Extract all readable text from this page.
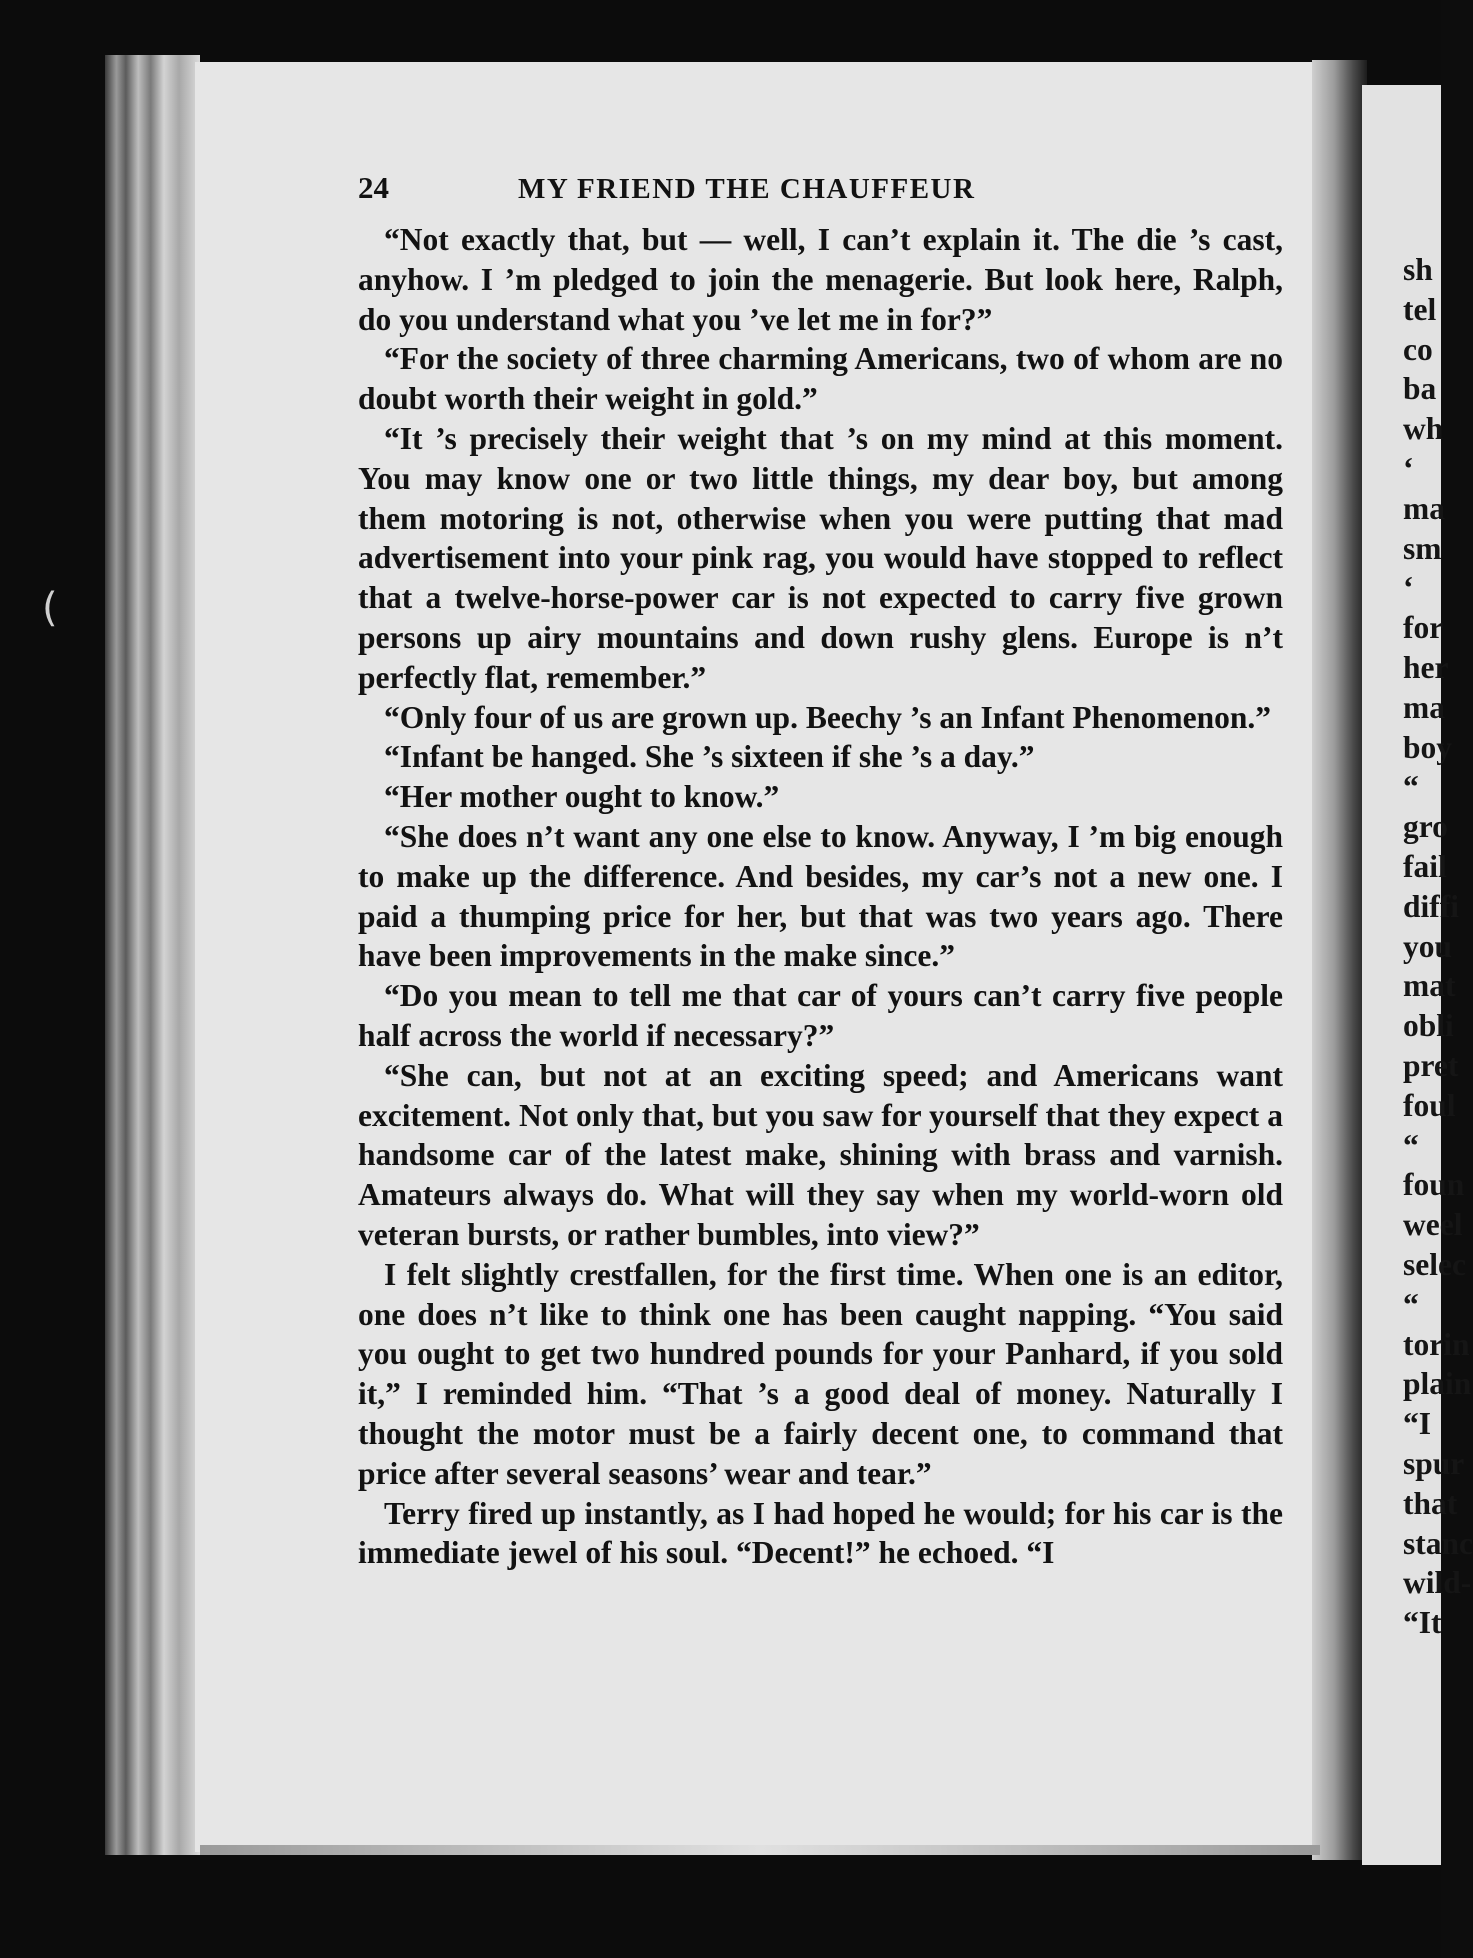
(
24	MY FRIEND THE CHAUFFEUR

“Not exactly that, but — well, I can’t explain it. The die ’s cast, anyhow. I ’m pledged to join the menagerie. But look here, Ralph, do you understand what you ’ve let me in for?”

“For the society of three charming Americans, two of whom are no doubt worth their weight in gold.”

“It ’s precisely their weight that ’s on my mind at this moment. You may know one or two little things, my dear boy, but among them motoring is not, otherwise when you were putting that mad advertisement into your pink rag, you would have stopped to reflect that a twelve-horse-power car is not expected to carry five grown persons up airy mountains and down rushy glens. Europe is n’t perfectly flat, remember.”

“Only four of us are grown up. Beechy ’s an Infant Phenomenon.”

“Infant be hanged. She ’s sixteen if she ’s a day.”

“Her mother ought to know.”

“She does n’t want any one else to know. Anyway, I ’m big enough to make up the difference. And besides, my car’s not a new one. I paid a thumping price for her, but that was two years ago. There have been improvements in the make since.”

“Do you mean to tell me that car of yours can’t carry five people half across the world if necessary?”

“She can, but not at an exciting speed; and Americans want excitement. Not only that, but you saw for yourself that they expect a handsome car of the latest make, shining with brass and varnish. Amateurs always do. What will they say when my world-worn old veteran bursts, or rather bumbles, into view?”

I felt slightly crestfallen, for the first time. When one is an editor, one does n’t like to think one has been caught napping. “You said you ought to get two hundred pounds for your Panhard, if you sold it,” I reminded him. “That ’s a good deal of money. Naturally I thought the motor must be a fairly decent one, to command that price after several seasons’ wear and tear.”

Terry fired up instantly, as I had hoped he would; for his car is the immediate jewel of his soul. “Decent!” he echoed. “I

sh
tel
co
ba
wh
‘
ma
sm
‘
for
her
ma
boy
“
gro
fail
diffi
you
mat
obli
pret
foul
“
foun
weel
selec
“
torin
plain
“I
spur
that
stanc
wild-
“It
